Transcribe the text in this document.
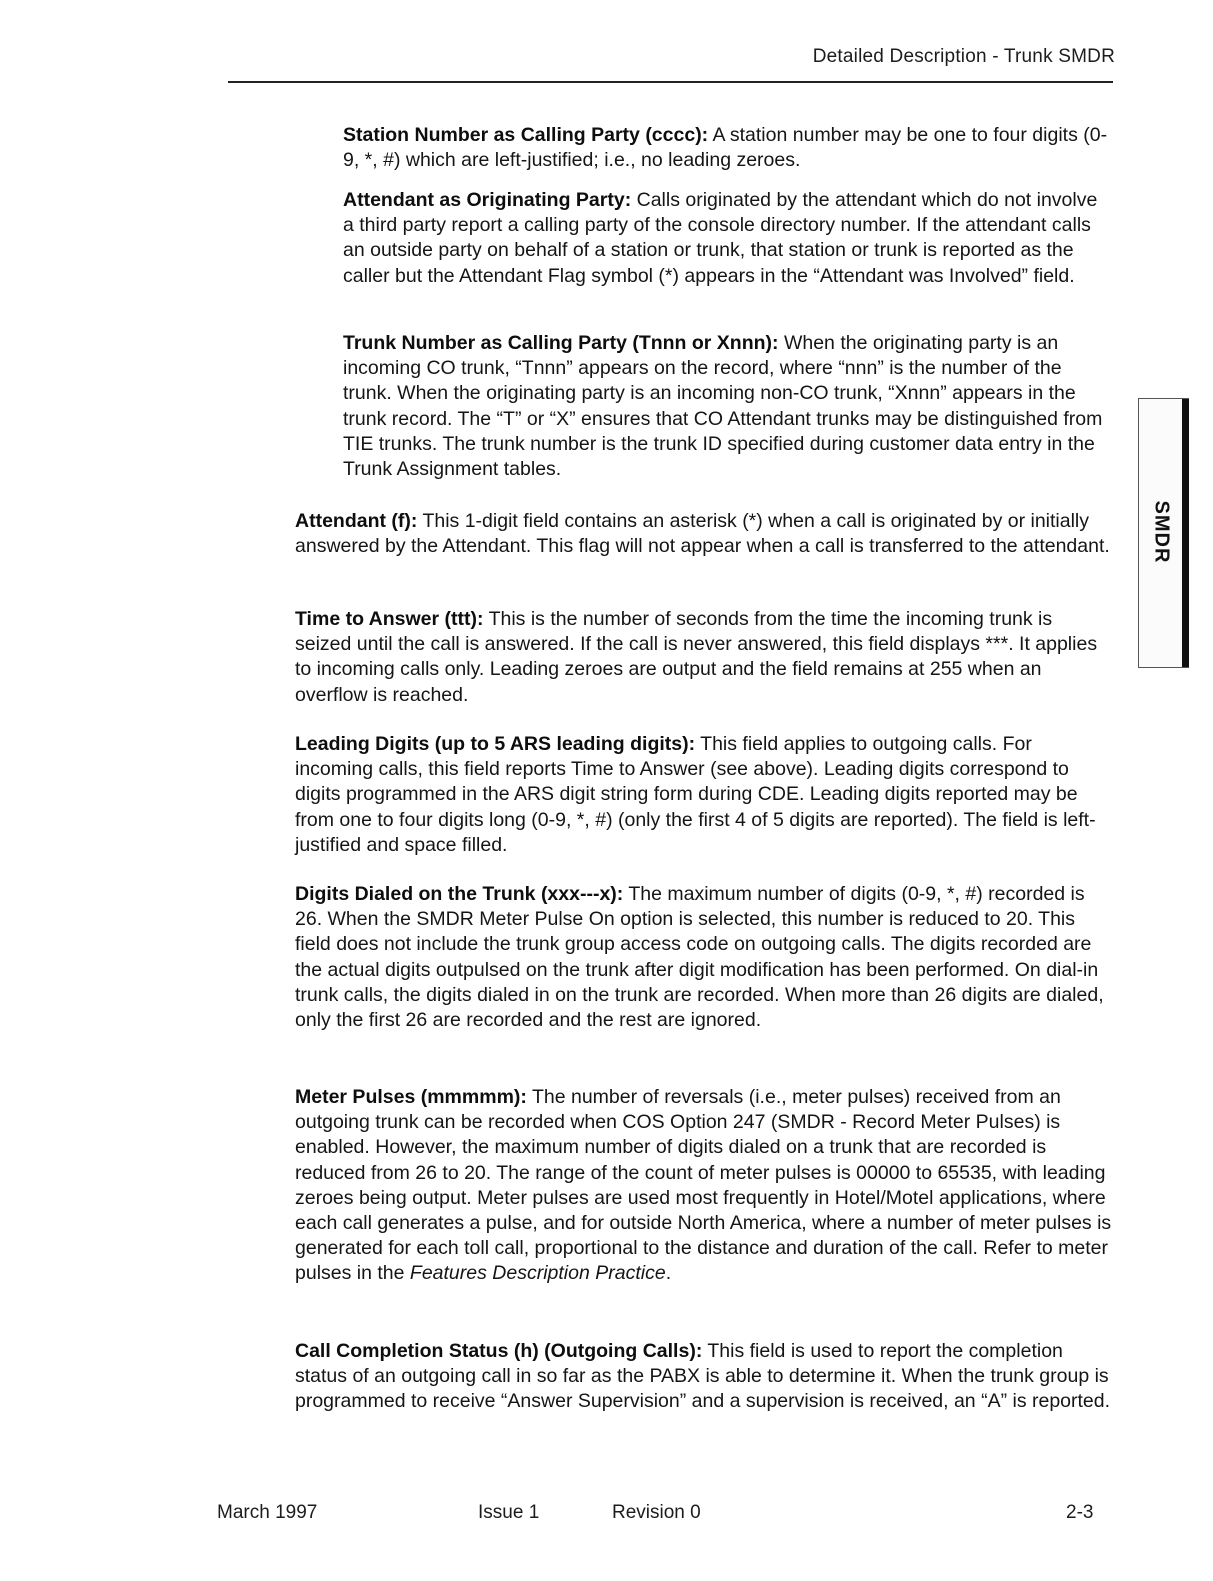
Detailed Description - Trunk SMDR
SMDR

Station Number as Calling Party (cccc): A station number may be one to four digits (0-9, *, #) which are left-justified; i.e., no leading zeroes.

Attendant as Originating Party: Calls originated by the attendant which do not involve a third party report a calling party of the console directory number. If the attendant calls an outside party on behalf of a station or trunk, that station or trunk is reported as the caller but the Attendant Flag symbol (*) appears in the “Attendant was Involved” field.

Trunk Number as Calling Party (Tnnn or Xnnn): When the originating party is an incoming CO trunk, “Tnnn” appears on the record, where “nnn” is the number of the trunk. When the originating party is an incoming non-CO trunk, “Xnnn” appears in the trunk record. The “T” or “X” ensures that CO Attendant trunks may be distinguished from TIE trunks. The trunk number is the trunk ID specified during customer data entry in the Trunk Assignment tables.

Attendant (f): This 1-digit field contains an asterisk (*) when a call is originated by or initially answered by the Attendant. This flag will not appear when a call is transferred to the attendant.

Time to Answer (ttt): This is the number of seconds from the time the incoming trunk is seized until the call is answered. If the call is never answered, this field displays ***. It applies to incoming calls only. Leading zeroes are output and the field remains at 255 when an overflow is reached.

Leading Digits (up to 5 ARS leading digits): This field applies to outgoing calls. For incoming calls, this field reports Time to Answer (see above). Leading digits correspond to digits programmed in the ARS digit string form during CDE. Leading digits reported may be from one to four digits long (0-9, *, #) (only the first 4 of 5 digits are reported). The field is left-justified and space filled.

Digits Dialed on the Trunk (xxx---x): The maximum number of digits (0-9, *, #) recorded is 26. When the SMDR Meter Pulse On option is selected, this number is reduced to 20. This field does not include the trunk group access code on outgoing calls. The digits recorded are the actual digits outpulsed on the trunk after digit modification has been performed. On dial-in trunk calls, the digits dialed in on the trunk are recorded. When more than 26 digits are dialed, only the first 26 are recorded and the rest are ignored.

Meter Pulses (mmmmm): The number of reversals (i.e., meter pulses) received from an outgoing trunk can be recorded when COS Option 247 (SMDR - Record Meter Pulses) is enabled. However, the maximum number of digits dialed on a trunk that are recorded is reduced from 26 to 20. The range of the count of meter pulses is 00000 to 65535, with leading zeroes being output. Meter pulses are used most frequently in Hotel/Motel applications, where each call generates a pulse, and for outside North America, where a number of meter pulses is generated for each toll call, proportional to the distance and duration of the call. Refer to meter pulses in the Features Description Practice.

Call Completion Status (h) (Outgoing Calls): This field is used to report the completion status of an outgoing call in so far as the PABX is able to determine it. When the trunk group is programmed to receive “Answer Supervision” and a supervision is received, an “A” is reported.

March 1997	Issue 1	Revision 0	2-3
